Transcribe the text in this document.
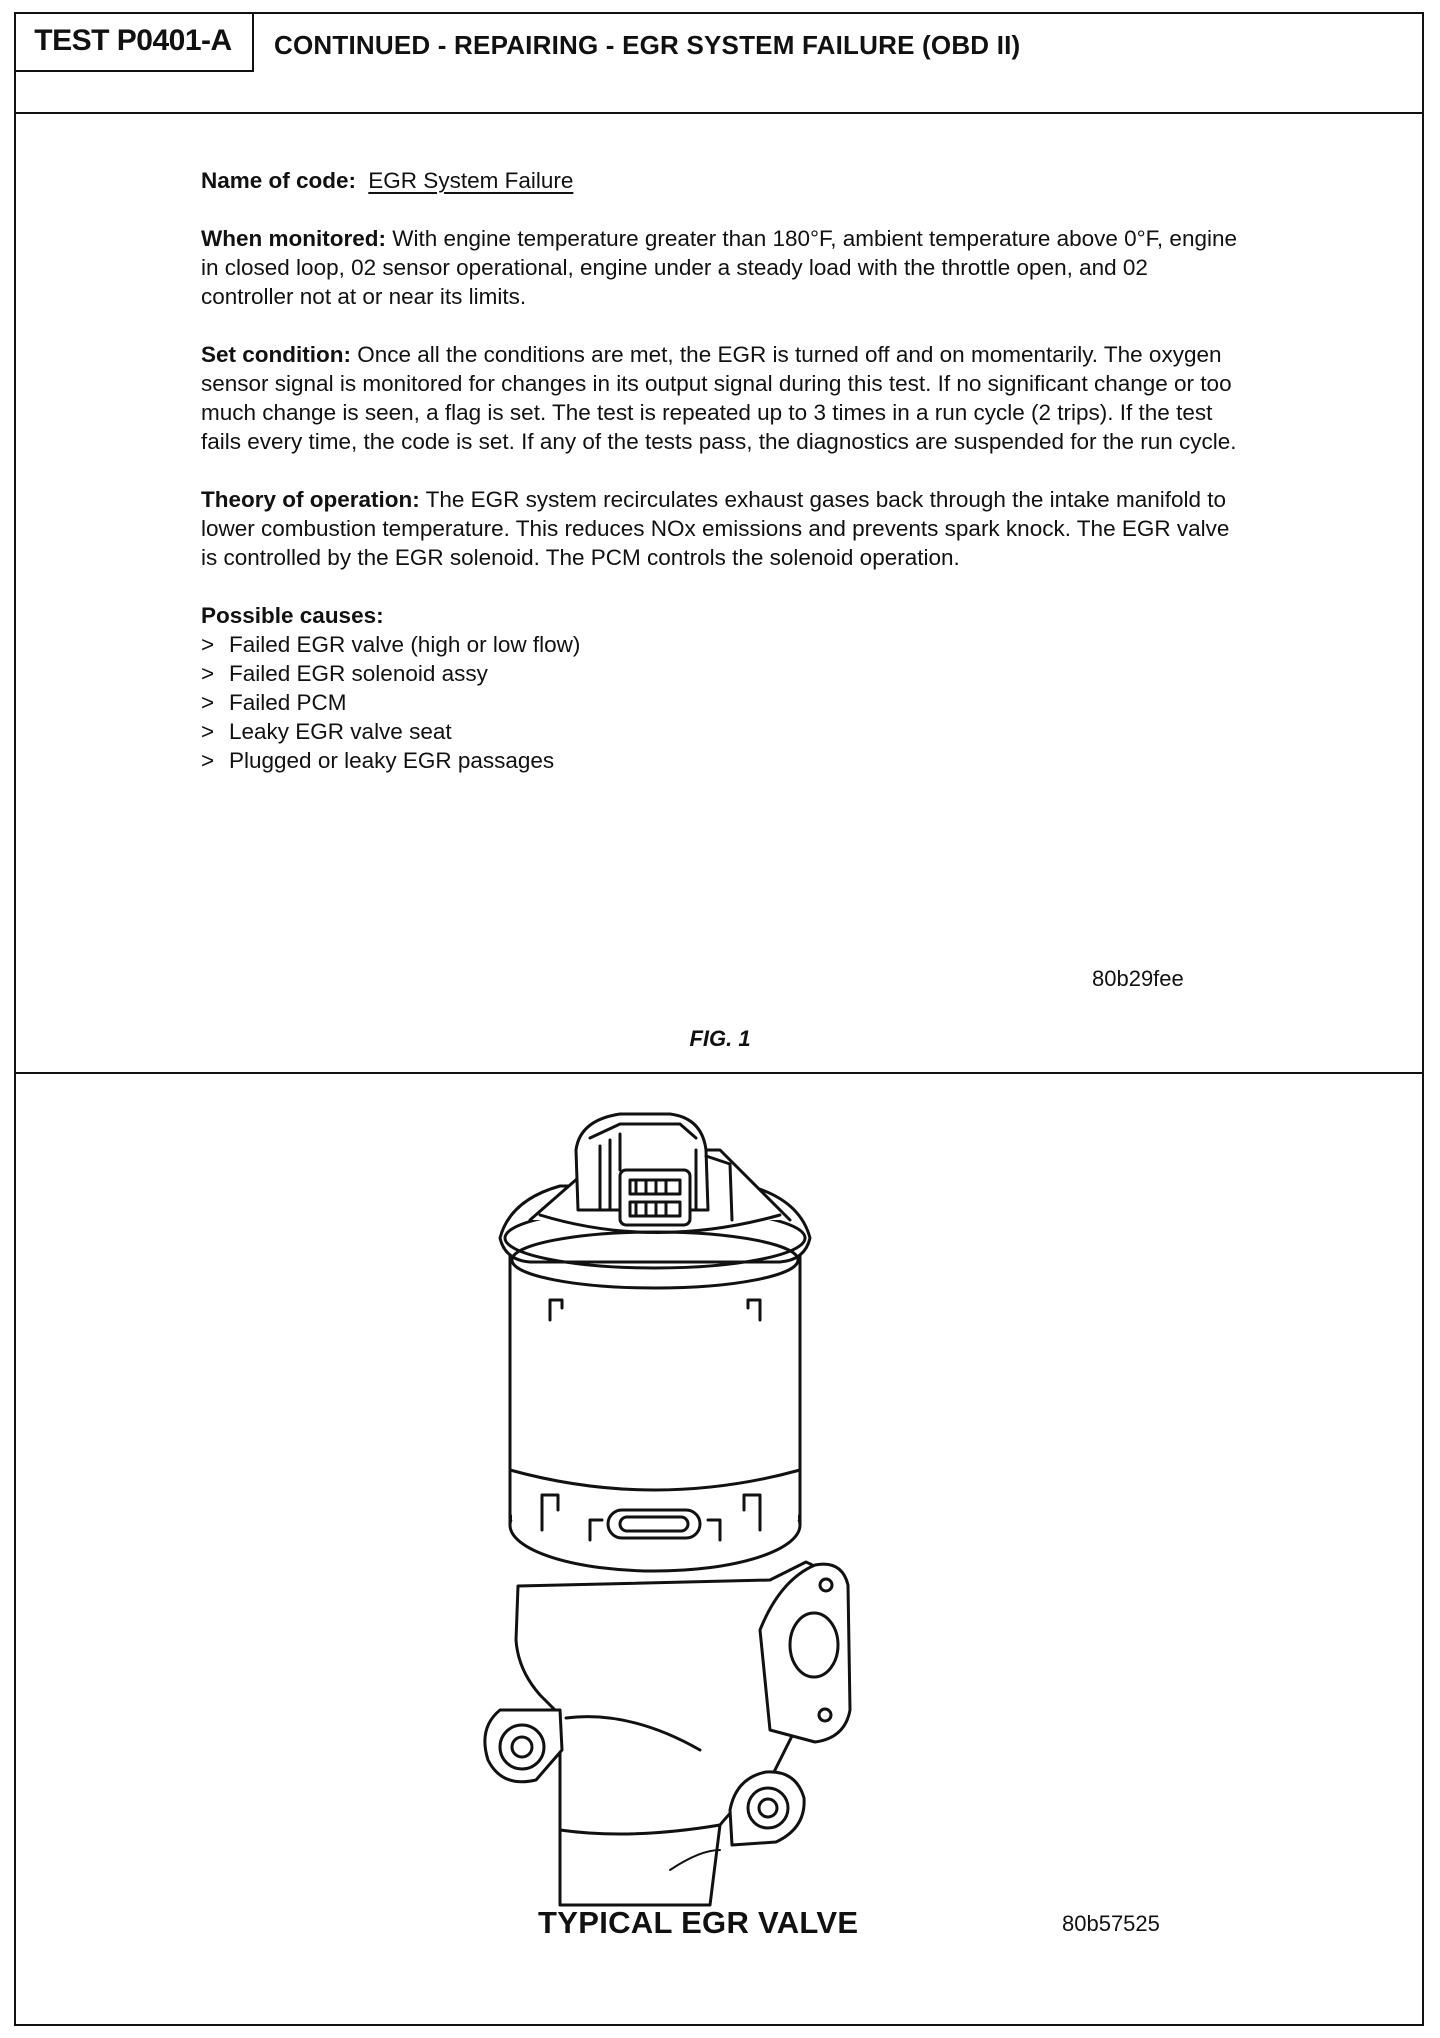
TEST P0401-A	CONTINUED - REPAIRING - EGR SYSTEM FAILURE (OBD II)

Name of code: EGR System Failure

When monitored: With engine temperature greater than 180°F, ambient temperature above 0°F, engine in closed loop, 02 sensor operational, engine under a steady load with the throttle open, and 02 controller not at or near its limits.

Set condition: Once all the conditions are met, the EGR is turned off and on momentarily. The oxygen sensor signal is monitored for changes in its output signal during this test. If no significant change or too much change is seen, a flag is set. The test is repeated up to 3 times in a run cycle (2 trips). If the test fails every time, the code is set. If any of the tests pass, the diagnostics are suspended for the run cycle.

Theory of operation: The EGR system recirculates exhaust gases back through the intake manifold to lower combustion temperature. This reduces NOx emissions and prevents spark knock. The EGR valve is controlled by the EGR solenoid. The PCM controls the solenoid operation.

Possible causes:
> Failed EGR valve (high or low flow)
> Failed EGR solenoid assy
> Failed PCM
> Leaky EGR valve seat
> Plugged or leaky EGR passages
80b29fee
FIG. 1
TYPICAL EGR VALVE	80b57525
